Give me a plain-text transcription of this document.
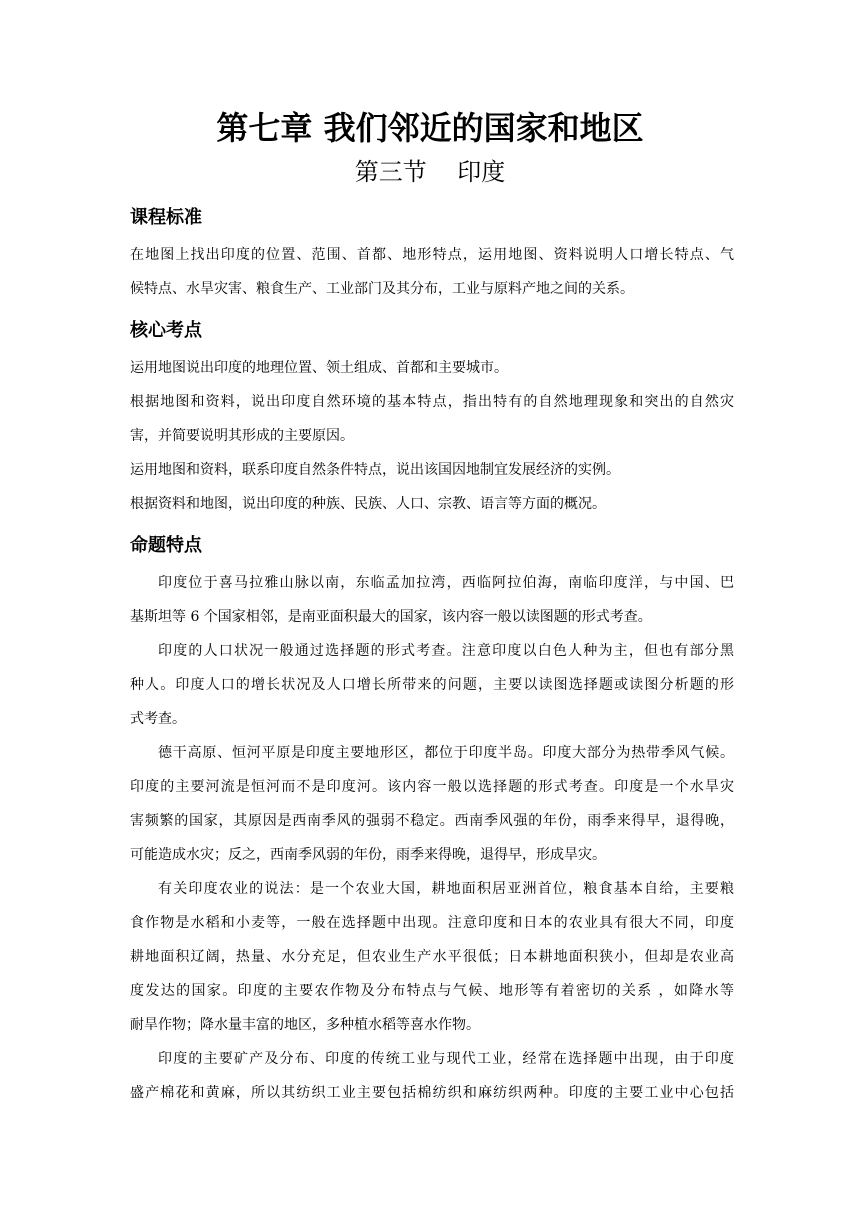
第七章 我们邻近的国家和地区
第三节    印度
课程标准
在地图上找出印度的位置、范围、首都、地形特点，运用地图、资料说明人口增长特点、气
候特点、水旱灾害、粮食生产、工业部门及其分布，工业与原料产地之间的关系。
核心考点
运用地图说出印度的地理位置、领土组成、首都和主要城市。
根据地图和资料，说出印度自然环境的基本特点，指出特有的自然地理现象和突出的自然灾
害，并简要说明其形成的主要原因。
运用地图和资料，联系印度自然条件特点，说出该国因地制宜发展经济的实例。
根据资料和地图，说出印度的种族、民族、人口、宗教、语言等方面的概况。
命题特点
印度位于喜马拉雅山脉以南，东临孟加拉湾，西临阿拉伯海，南临印度洋，与中国、巴
基斯坦等 6 个国家相邻，是南亚面积最大的国家，该内容一般以读图题的形式考查。
印度的人口状况一般通过选择题的形式考查。注意印度以白色人种为主，但也有部分黑
种人。印度人口的增长状况及人口增长所带来的问题，主要以读图选择题或读图分析题的形
式考查。
德干高原、恒河平原是印度主要地形区，都位于印度半岛。印度大部分为热带季风气候。
印度的主要河流是恒河而不是印度河。该内容一般以选择题的形式考查。印度是一个水旱灾
害频繁的国家，其原因是西南季风的强弱不稳定。西南季风强的年份，雨季来得早，退得晚，
可能造成水灾；反之，西南季风弱的年份，雨季来得晚，退得早，形成旱灾。
有关印度农业的说法：是一个农业大国，耕地面积居亚洲首位，粮食基本自给，主要粮
食作物是水稻和小麦等，一般在选择题中出现。注意印度和日本的农业具有很大不同，印度
耕地面积辽阔，热量、水分充足，但农业生产水平很低；日本耕地面积狭小，但却是农业高
度发达的国家。印度的主要农作物及分布特点与气候、地形等有着密切的关系 ，如降水等
耐旱作物；降水量丰富的地区，多种植水稻等喜水作物。
印度的主要矿产及分布、印度的传统工业与现代工业，经常在选择题中出现，由于印度
盛产棉花和黄麻，所以其纺织工业主要包括棉纺织和麻纺织两种。印度的主要工业中心包括
